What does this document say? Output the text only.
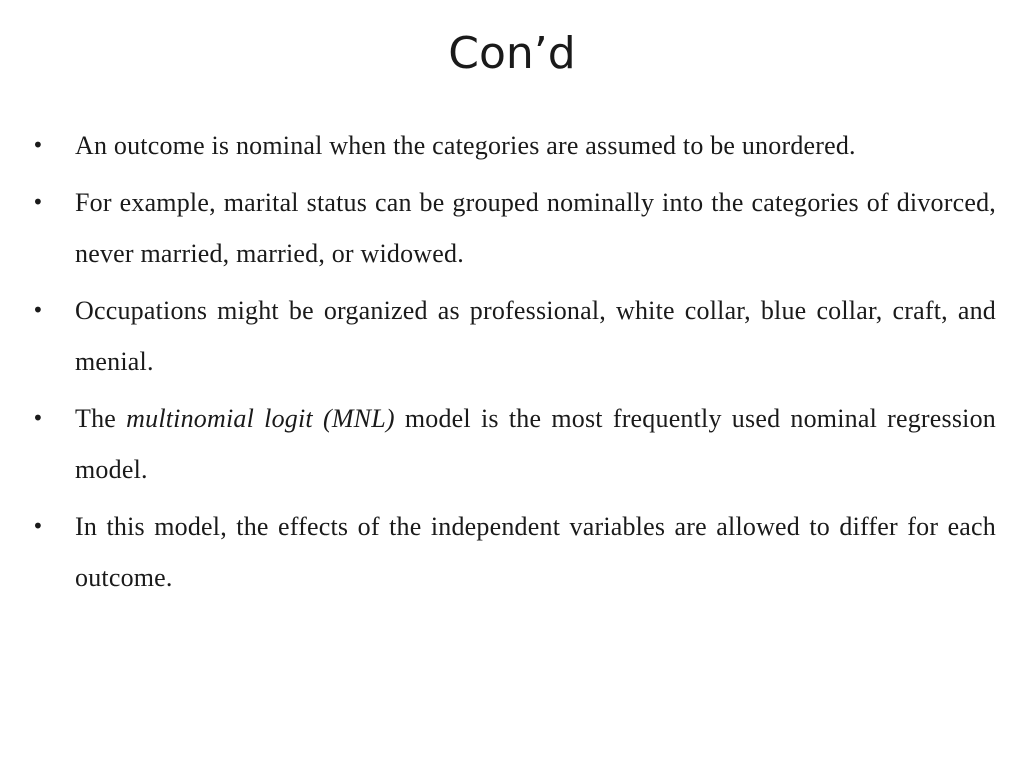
Con’d
• An outcome is nominal when the categories are assumed to be unordered.
• For example, marital status can be grouped nominally into the categories of divorced, never married, married, or widowed.
• Occupations might be organized as professional, white collar, blue collar, craft, and menial.
• The multinomial logit (MNL) model is the most frequently used nominal regression model.
• In this model, the effects of the independent variables are allowed to differ for each outcome.
